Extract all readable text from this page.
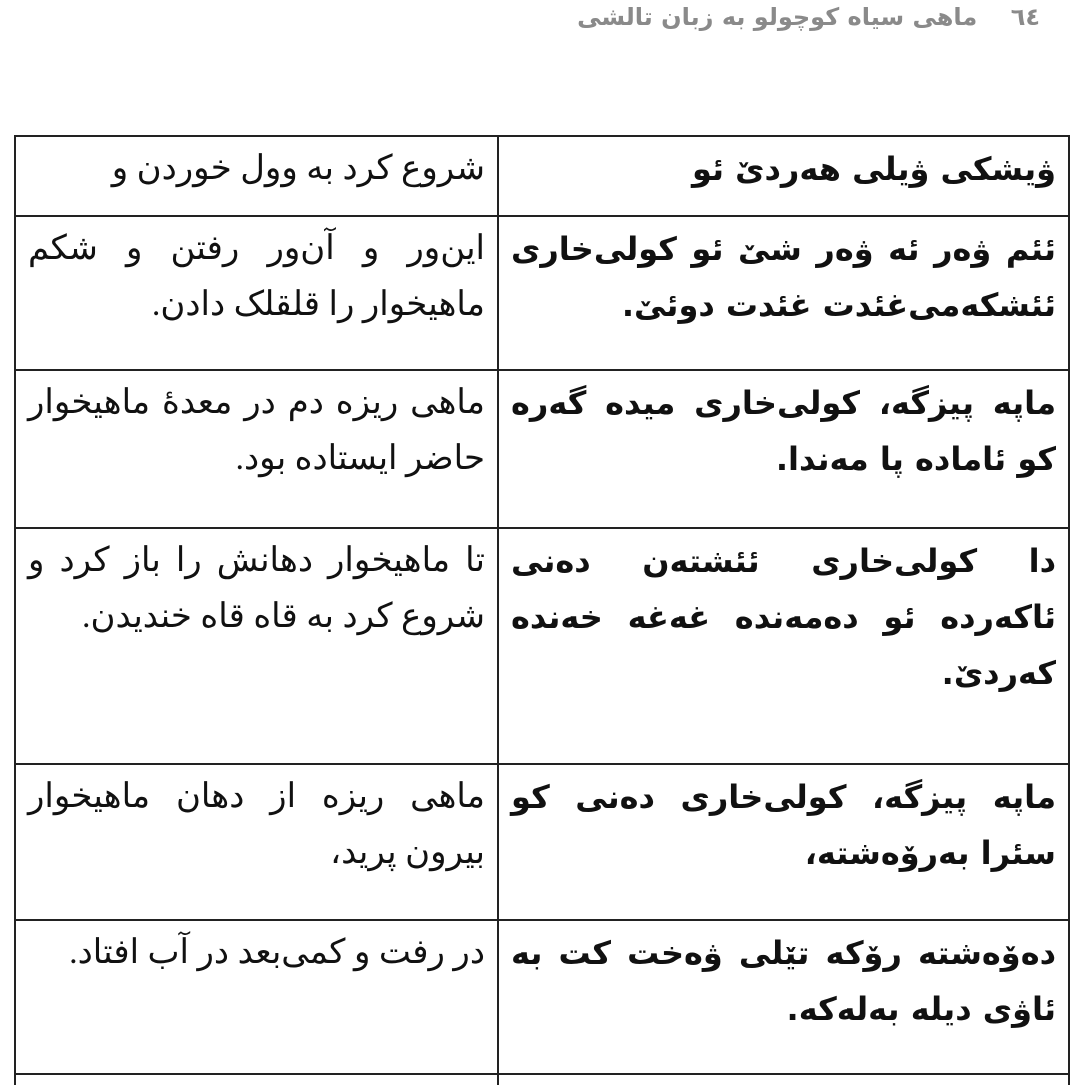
٦٤    ماهی سیاه کوچولو به زبان تالشی
ۋیشکی ۋیلی هەردێ ئو	شروع کرد به وول خوردن و
ئئم ۋەر ئه ۋەر شێ ئو کولی‌خاری ئئشکەمی‌غئدت غئدت دوئێ.	این‌ور و آن‌ور رفتن و شکم ماهیخوار را قلقلک دادن.
ماپه پیزگه، کولی‌خاری میده گەره کو ئاماده پا مەندا.	ماهی ریزه دم در معدهٔ ماهیخوار حاضر ایستاده بود.
دا کولی‌خاری ئئشتەن دەنی ئاکەرده ئو دەمەنده غەغه خەنده کەردێ.	تا ماهیخوار دهانش را باز کرد و شروع کرد به قاه قاه خندیدن.
ماپه پیزگه، کولی‌خاری دەنی کو سئرا بەرۆەشته،	ماهی ریزه از دهان ماهیخوار بیرون پرید،
دەۆەشته رۆکه تێلی ۋەخت کت به ئاۋی دیله بەلەکه.	در رفت و کمی‌بعد در آب افتاد.
